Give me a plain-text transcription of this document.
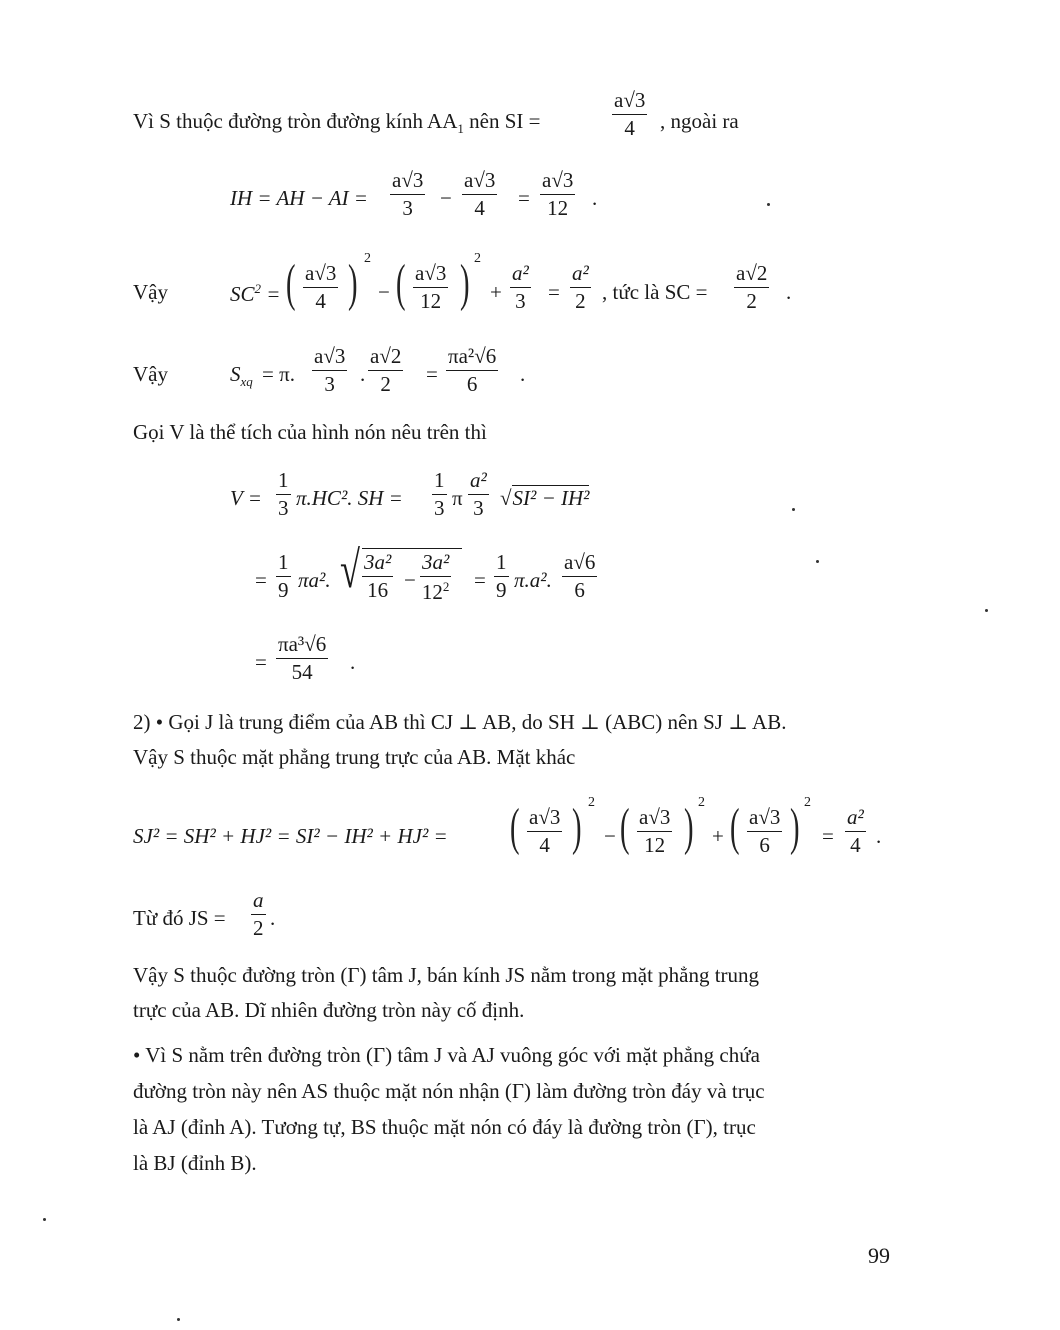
Vì S thuộc đường tròn đường kính $AA_1$ nên SI =
a√3
4	, ngoài ra
IH = AH − AI =
a√3
3	−
a√3
4	=
a√3
12	.
Vậy	$SC^2$ = ( a√3
4 ) 2
− ( a√3
12 ) 2
+
a²
3 =
a²
2 , tức là SC =
a√2
2	.
Vậy	$S_{xq} = \pi$.
a√3
3	.
a√2
2	=
πa²√6
6	.
Gọi V là thể tích của hình nón nêu trên thì
V =
1
3 π.HC². SH =
1
3 π
a²
3 √SI² − IH²
=
1
9 πa². √ 3a²
16 −
3a²
$12^2$ =
1
9 π.a².
a√6
6
=
πa³√6
54	.
2) • Gọi J là trung điểm của AB thì CJ ⊥ AB, do SH ⊥ (ABC) nên SJ ⊥ AB.
Vậy S thuộc mặt phẳng trung trực của AB. Mặt khác
SJ² = SH² + HJ² = SI² − IH² + HJ² = ( a√3
4 ) 2
− ( a√3
12 ) 2
+ ( a√3
6 ) 2
=
a²
4 .
Từ đó JS =
a
2 .
Vậy S thuộc đường tròn (Γ) tâm J, bán kính JS nằm trong mặt phẳng trung
trực của AB. Dĩ nhiên đường tròn này cố định.
• Vì S nằm trên đường tròn (Γ) tâm J và AJ vuông góc với mặt phẳng chứa
đường tròn này nên AS thuộc mặt nón nhận (Γ) làm đường tròn đáy và trục
là AJ (đỉnh A). Tương tự, BS thuộc mặt nón có đáy là đường tròn (Γ), trục
là BJ (đỉnh B).
99
